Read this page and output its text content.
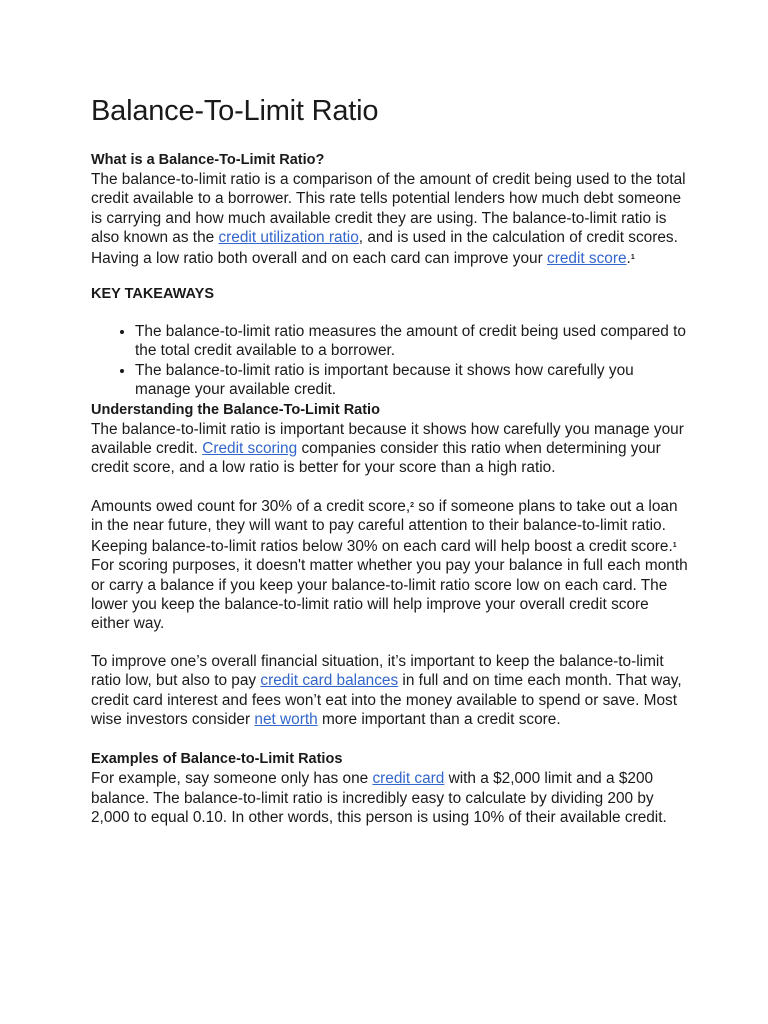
Balance-To-Limit Ratio
What is a Balance-To-Limit Ratio?

The balance-to-limit ratio is a comparison of the amount of credit being used to the total credit available to a borrower. This rate tells potential lenders how much debt someone is carrying and how much available credit they are using. The balance-to-limit ratio is also known as the credit utilization ratio, and is used in the calculation of credit scores. Having a low ratio both overall and on each card can improve your credit score.$^1$

KEY TAKEAWAYS
• The balance-to-limit ratio measures the amount of credit being used compared to the total credit available to a borrower.
• The balance-to-limit ratio is important because it shows how carefully you manage your available credit.
Understanding the Balance-To-Limit Ratio

The balance-to-limit ratio is important because it shows how carefully you manage your available credit. Credit scoring companies consider this ratio when determining your credit score, and a low ratio is better for your score than a high ratio.

Amounts owed count for 30% of a credit score,$^2$ so if someone plans to take out a loan in the near future, they will want to pay careful attention to their balance-to-limit ratio. Keeping balance-to-limit ratios below 30% on each card will help boost a credit score.$^1$ For scoring purposes, it doesn't matter whether you pay your balance in full each month or carry a balance if you keep your balance-to-limit ratio score low on each card. The lower you keep the balance-to-limit ratio will help improve your overall credit score either way.

To improve one’s overall financial situation, it’s important to keep the balance-to-limit ratio low, but also to pay credit card balances in full and on time each month. That way, credit card interest and fees won’t eat into the money available to spend or save. Most wise investors consider net worth more important than a credit score.

Examples of Balance-to-Limit Ratios

For example, say someone only has one credit card with a $2,000 limit and a $200 balance. The balance-to-limit ratio is incredibly easy to calculate by dividing 200 by 2,000 to equal 0.10. In other words, this person is using 10% of their available credit.
